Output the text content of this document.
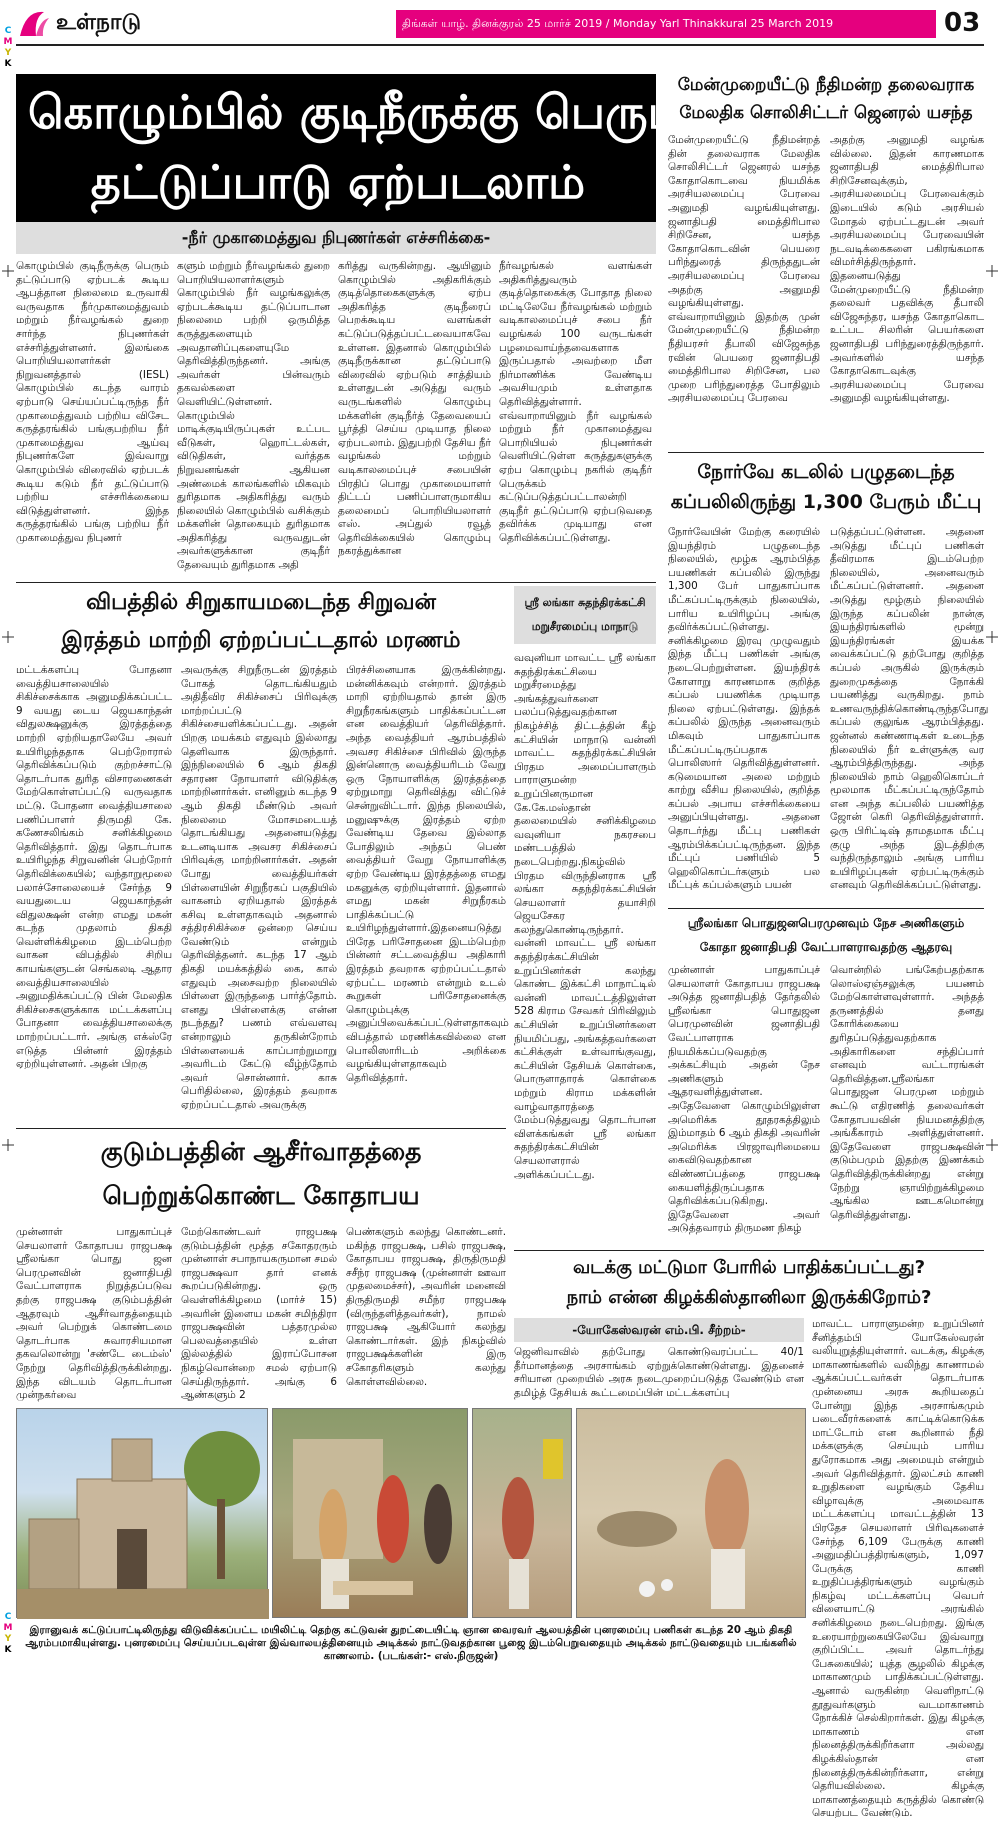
உள்நாடு	திங்கள் யாழ். தினக்குரல் 25 மார்ச் 2019 / Monday Yarl Thinakkural 25 March 2019	03
C
M
Y
K
C
M
Y
K
கொழும்பில் குடிநீருக்கு பெரும்
தட்டுப்பாடு ஏற்படலாம்
-நீர் முகாமைத்துவ நிபுணர்கள் எச்சரிக்கை-
கொழும்பில் குடிநீருக்கு பெரும் தட்டுப்பாடு ஏற்படக் கூடிய ஆபத்தான நிலைமை உருவாகி வருவதாக நீர்முகாமைத்துவம் மற்றும் நீர்வழங்கல் துறை சார்ந்த நிபுணர்கள் எச்சரித்துள்ளனர். இலங்கை பொறியியலாளர்கள் நிறுவனத்தால் (IESL) கொழும்பில் கடந்த வாரம் ஏற்பாடு செய்யப்பட்டிருந்த நீர் முகாமைத்துவம் பற்றிய விசேட கருத்தரங்கில் பங்குபற்றிய நீர் முகாமைத்துவ ஆய்வு நிபுணர்களே இவ்வாறு கொழும்பில் விரைவில் ஏற்படக் கூடிய கடும் நீர் தட்டுப்பாடு பற்றிய எச்சரிக்கையை விடுத்துள்ளனர். இந்த கருத்தரங்கில் பங்கு பற்றிய நீர் முகாமைத்துவ நிபுணர்
களும் மற்றும் நீர்வழங்கல் துறை பொறியியலாளர்களும் கொழும்பில் நீர் வழங்கலுக்கு ஏற்படக்கூடிய தட்டுப்பாடான நிலைமை பற்றி ஒருமித்த கருத்துகளையும் அவதானிப்புகளையுமே தெரிவித்திருந்தனர். அங்கு அவர்கள் பின்வரும் தகவல்களை வெளியிட்டுள்ளனர். கொழும்பில் மாடிக்குடியிருப்புகள் உட்பட வீடுகள், ஹொட்டல்கள், விடுதிகள், வர்த்தக நிறுவனங்கள் ஆகியன அண்மைக் காலங்களில் மிகவும் துரிதமாக அதிகரித்து வரும் நிலையில் கொழும்பில் வசிக்கும் மக்களின் தொகையும் துரிதமாக அதிகரித்து வருவதுடன் அவர்களுக்கான குடிநீர் தேவையும் துரிதமாக அதி
கரித்து வருகின்றது. ஆயினும் கொழும்பில் அதிகரிக்கும் குடித்தொகைகளுக்கு ஏற்ப அதிகரித்த குடிநீரைப் பெறக்கூடிய வளங்கள் கட்டுப்படுத்தப்பட்டவையாகவே உள்ளன. இதனால் கொழும்பில் குடிநீருக்கான தட்டுப்பாடு விரைவில் ஏற்படும் சாத்தியம் உள்ளதுடன் அடுத்து வரும் வருடங்களில் கொழும்பு மக்களின் குடிநீர்த் தேவையைப் பூர்த்தி செய்ய முடியாத நிலை ஏற்படலாம். இதுபற்றி தேசிய நீர் வழங்கல் மற்றும் வடிகாலமைப்புச் சபையின் பிரதிப் பொது முகாமையாளர் திட்டப் பணிப்பாளருமாகிய தலைமைப் பொறியியலாளர் எஸ். அப்துல் ரவூத் தெரிவிக்கையில் கொழும்பு நகரத்துக்கான
நீர்வழங்கல் வளங்கள் அதிகரித்துவரும் குடித்தொகைக்கு போதாத நிலை மட்டிலேயே நீர்வழங்கல் மற்றும் வடிகாலமைப்புச் சபை நீர் வழங்கல் 100 வருடங்கள் பழமைவாய்ந்தவைகளாக இருப்பதால் அவற்றை மீள நிர்மாணிக்க வேண்டிய அவசியமும் உள்ளதாக தெரிவித்துள்ளார். எவ்வாறாயினும் நீர் வழங்கல் மற்றும் நீர் முகாமைத்துவ பொறியியல் நிபுணர்கள் வெளியிட்டுள்ள கருத்துகளுக்கு ஏற்ப கொழும்பு நகரில் குடிநீர் பெருக்கம் கட்டுப்படுத்தப்பட்டாலன்றி குடிநீர் தட்டுப்பாடு ஏற்படுவதை தவிர்க்க முடியாது என தெரிவிக்கப்பட்டுள்ளது.
மேன்முறையீட்டு நீதிமன்ற தலைவராக
மேலதிக சொலிசிட்டர் ஜெனரல் யசந்த
மேன்முறையீட்டு நீதிமன்றத் தின் தலைவராக மேலதிக சொலிசிட்டர் ஜெனரல் யசந்த கோதாகொடவை நியமிக்க அரசியலமைப்பு பேரவை அனுமதி வழங்கியுள்ளது. ஜனாதிபதி மைத்திரிபால சிறிசேன, யசந்த கோதாகொடவின் பெயரை பரிந்துரைத் திருந்ததுடன் அரசியலமைப்பு பேரவை அதற்கு அனுமதி வழங்கியுள்ளது. எவ்வாறாயினும் இதற்கு முன் மேன்முறையீட்டு நீதிமன்ற நீதியரசர் தீபாலி விஜேசுந்த ரவின் பெயரை ஜனாதிபதி மைத்திரிபால சிறிசேன, பல முறை பரிந்துரைத்த போதிலும் அரசியலமைப்பு பேரவை
அதற்கு அனுமதி வழங்க வில்லை. இதன் காரணமாக ஜனாதிபதி மைத்திரிபால சிறிசேனவுக்கும், அரசியலமைப்பு பேரவைக்கும் இடையில் கடும் அரசியல் மோதல் ஏற்பட்டதுடன் அவர் அரசியலமைப்பு பேரவையின் நடவடிக்கைகளை பகிரங்கமாக விமர்சித்திருந்தார். இதனையடுத்து மேன்முறையீட்டு நீதிமன்ற தலைவர் பதவிக்கு தீபாலி விஜேசுந்தர, யசந்த கோதாகொட உட்பட சிலரின் பெயர்களை ஜனாதிபதி பரிந்துரைத்திருந்தார். அவர்களில் யசந்த கோதாகொடவுக்கு அரசியலமைப்பு பேரவை அனுமதி வழங்கியுள்ளது.
நோர்வே கடலில் பழுதடைந்த
கப்பலிலிருந்து 1,300 பேரும் மீட்பு
நோர்வேயின் மேற்கு கரையில் இயந்திரம் பழுதடைந்த நிலையில், மூழ்க ஆரம்பித்த பயணிகள் கப்பலில் இருந்து 1,300 பேர் பாதுகாப்பாக மீட்கப்பட்டிருக்கும் நிலையில், பாரிய உயிரிழப்பு அங்கு தவிர்க்கப்பட்டுள்ளது. சனிக்கிழமை இரவு முழுவதும் இந்த மீட்பு பணிகள் அங்கு நடைபெற்றுள்ளன. இயந்திரக் கோளாறு காரணமாக குறித்த கப்பல் பயணிக்க முடியாத நிலை ஏற்பட்டுள்ளது. இந்தக் கப்பலில் இருந்த அனைவரும் மிகவும் பாதுகாப்பாக மீட்கப்பட்டிருப்பதாக பொலிஸார் தெரிவித்துள்ளனர். கடுமையான அலை மற்றும் காற்று வீசிய நிலையில், குறித்த கப்பல் அபாய எச்சரிக்கையை அனுப்பியுள்ளது. அதனை தொடர்ந்து மீட்பு பணிகள் ஆரம்பிக்கப்பட்டிருந்தன. இந்த மீட்புப் பணியில் 5 ஹெலிகொப்டர்களும் பல மீட்புக் கப்பல்களும் பயன்
படுத்தப்பட்டுள்ளன. அதனை அடுத்து மீட்புப் பணிகள் தீவிரமாக இடம்பெற்ற நிலையில், அனைவரும் மீட்கப்பட்டுள்ளனர். அதனை அடுத்து மூழ்கும் நிலையில் இருந்த கப்பலின் நான்கு இயந்திரங்களில் மூன்று இயந்திரங்கள் இயக்க வைக்கப்பட்டு தற்போது குறித்த கப்பல் அருகில் இருக்கும் துறைமுகத்தை நோக்கி பயணித்து வருகிறது. நாம் உணவருந்திக்கொண்டிருந்தபோது கப்பல் குலுங்க ஆரம்பித்தது. ஜன்னல் கண்ணாடிகள் உடைந்த நிலையில் நீர் உள்ளுக்கு வர ஆரம்பித்திருந்தது. அந்த நிலையில் நாம் ஹெலிகொப்டர் மூலமாக மீட்கப்பட்டிருந்தோம் என அந்த கப்பலில் பயணித்த ஜோன் கெரி தெரிவித்துள்ளார். ஒரு பிரிட்டிஷ் தாமதமாக மீட்பு குழு அந்த இடத்திற்கு வந்திருந்தாலும் அங்கு பாரிய உயிரிழப்புகள் ஏற்பட்டிருக்கும் எனவும் தெரிவிக்கப்பட்டுள்ளது.
விபத்தில் சிறுகாயமடைந்த சிறுவன்
இரத்தம் மாற்றி ஏற்றப்பட்டதால் மரணம்
மட்டக்களப்பு போதனா வைத்தியசாலையில் சிகிச்சைக்காக அனுமதிக்கப்பட்ட 9 வயது டைய ஜெயகாந்தன் விதுலக்ஷனுக்கு இரத்தத்தை மாற்றி ஏற்றியதாலேயே அவர் உயிரிழந்ததாக பெற்றோரால் தெரிவிக்கப்படும் குற்றச்சாட்டு தொடர்பாக துரித விசாரணைகள் மேற்கொள்ளப்பட்டு வருவதாக மட்டு. போதனா வைத்தியசாலை பணிப்பாளர் திருமதி கே. கணேசலிங்கம் சனிக்கிழமை தெரிவித்தார். இது தொடர்பாக உயிரிழந்த சிறுவனின் பெற்றோர் தெரிவிக்கையில்; வந்தாறுமூலை பலாச்சோலையைச் சேர்ந்த 9 வயதுடைய ஜெயகாந்தன் விதுலக்ஷன் என்ற எமது மகன் கடந்த முதலாம் திகதி வெள்ளிக்கிழமை இடம்பெற்ற வாகன விபத்தில் சிறிய காயங்களுடன் செங்கலடி ஆதார வைத்தியசாலையில் அனுமதிக்கப்பட்டு பின் மேலதிக சிகிச்சைகளுக்காக மட்டக்களப்பு போதனா வைத்தியசாலைக்கு மாற்றப்பட்டார். அங்கு எக்ஸ்ரே எடுத்த பின்னர் இரத்தம் ஏற்றியுள்ளனர். அதன் பிறகு
அவருக்கு சிறுநீருடன் இரத்தம் போகத் தொடங்கியதும் அதிதீவிர சிகிச்சைப் பிரிவுக்கு மாற்றப்பட்டு சிகிச்சையளிக்கப்பட்டது. அதன் பிறகு மயக்கம் எதுவும் இல்லாது தெளிவாக இருந்தார். இந்நிலையில் 6 ஆம் திகதி சதாரண நோயாளர் விடுதிக்கு மாற்றினார்கள். எனினும் கடந்த 9 ஆம் திகதி மீண்டும் அவர் நிலைமை மோசமடையத் தொடங்கியது அதனையடுத்து உடனடியாக அவசர சிகிச்சைப் பிரிவுக்கு மாற்றினார்கள். அதன் போது வைத்தியர்கள் பிள்ளையின் சிறுநீரகப் பகுதியில் வாகனம் ஏறியதால் இரத்தக் கசிவு உள்ளதாகவும் அதனால் சத்திரசிகிச்சை ஒன்றை செய்ய வேண்டும் என்றும் தெரிவித்தனர். கடந்த 17 ஆம் திகதி மயக்கத்தில் கை, கால் எதுவும் அசைவற்ற நிலையில் பிள்ளை இருந்ததை பார்த்தோம். எனது பிள்ளைக்கு என்ன நடந்தது? பணம் எவ்வளவு என்றாலும் தருகின்றோம் பிள்ளையைக் காப்பாற்றுமாறு அவரிடம் கேட்டு வீழ்ந்தோம் அவர் சொன்னார். காசு பெரிதில்லை, இரத்தம் தவறாக ஏற்றப்பட்டதால் அவருக்கு
பிரச்சினையாக இருக்கின்றது. மன்னிக்கவும் என்றார். இரத்தம் மாறி ஏற்றியதால் தான் இரு சிறுநீரகங்களும் பாதிக்கப்பட்டன என வைத்தியர் தெரிவித்தார். அந்த வைத்தியர் ஆரம்பத்தில் அவசர சிகிச்சை பிரிவில் இருந்த இன்னொரு வைத்தியரிடம் வேறு ஒரு நோயாளிக்கு இரத்தத்தை ஏற்றுமாறு தெரிவித்து விட்டுச் சென்றுவிட்டார். இந்த நிலையில், மனுஷுக்கு இரத்தம் ஏற்ற வேண்டிய தேவை இல்லாத போதிலும் அந்தப் பெண் வைத்தியர் வேறு நோயாளிக்கு ஏற்ற வேண்டிய இரத்தத்தை எமது மகனுக்கு ஏற்றியுள்ளார். இதனால் எமது மகன் சிறுநீரகம் பாதிக்கப்பட்டு உயிரிழந்துள்ளார்.இதனையடுத்து பிரேத பரிசோதனை இடம்பெற்ற பின்னர் சட்டவைத்திய அதிகாரி இரத்தம் தவறாக ஏற்றப்பட்டதால் ஏற்பட்ட மரணம் என்றும் உடல் கூறுகள் பரிசோதனைக்கு கொழும்புக்கு அனுப்பிவைக்கப்பட்டுள்ளதாகவும் விபத்தால் மரணிக்கவில்லை என பொலிஸாரிடம் அறிக்கை வழங்கியுள்ளதாகவும் தெரிவித்தார்.
ஸ்ரீ லங்கா சுதந்திரக்கட்சி
மறுசீரமைப்பு மாநாடு
வவுனியா மாவட்ட ஸ்ரீ லங்கா சுதந்திரக்கட்சியை மறுசீரமைத்து அங்கத்துவர்களை பலப்படுத்துவதற்கான நிகழ்ச்சித் திட்டத்தின் கீழ் கட்சியின் மாநாடு வன்னி மாவட்ட சுதந்திரக்கட்சியின் பிரதம அமைப்பாளரும் பாராளுமன்ற உறுப்பினருமான கே.கே.மஸ்தான் தலைமையில் சனிக்கிழமை வவுனியா நகரசபை மண்டபத்தில் நடைபெற்றது.நிகழ்வில் பிரதம விருந்தினராக ஸ்ரீ லங்கா சுதந்திரக்கட்சியின் செயலாளர் தயாசிறி ஜெயசேகர கலந்துகொண்டிருந்தார். வன்னி மாவட்ட ஸ்ரீ லங்கா சுதந்திரக்கட்சியின் உறுப்பினர்கள் கலந்து கொண்ட இக்கட்சி மாநாட்டில் வன்னி மாவட்டத்திலுள்ள 528 கிராம சேவகர் பிரிவிலும் கட்சியின் உறுப்பினர்களை நியமிப்பது, அங்கத்தவர்களை கட்சிக்குள் உள்வாங்குவது, கட்சியின் தேசியக் கொள்கை, பொருளாதாரக் கொள்கை மற்றும் கிராம மக்களின் வாழ்வாதாரத்தை மேம்படுத்துவது தொடர்பான விளக்கங்கள் ஸ்ரீ லங்கா சுதந்திரக்கட்சியின் செயலாளரால் அளிக்கப்பட்டது.
ஸ்ரீலங்கா பொதுஜனபெரமுனவும் நேச அணிகளும்
கோதா ஜனாதிபதி வேட்பாளராவதற்கு ஆதரவு
முன்னாள் பாதுகாப்புச் செயலாளர் கோதாபய ராஜபக்ஷ அடுத்த ஜனாதிபதித் தேர்தலில் ஸ்ரீலங்கா பொதுஜன பெரமுனவின் ஜனாதிபதி வேட்பாளராக நியமிக்கப்படுவதற்கு அக்கட்சியும் அதன் நேச அணிகளும் ஆதரவளித்துள்ளன. அதேவேளை கொழும்பிலுள்ள அமெரிக்க தூதரகத்திலும் இம்மாதம் 6 ஆம் திகதி அவரின் அமெரிக்க பிரஜாவுரிமையை கைவிடுவதற்கான விண்ணப்பத்தை ராஜபக்ஷ கையளித்திருப்பதாக தெரிவிக்கப்படுகிறது. இதேவேளை அவர் அடுத்தவாரம் திருமண நிகழ்
வொன்றில் பங்கேற்பதற்காக லொஸ்ஏஞ்சலுக்கு பயணம் மேற்கொள்ளவுள்ளார். அந்தத் தருணத்தில் தனது கோரிக்கையை துரிதப்படுத்துவதற்காக அதிகாரிகளை சந்திப்பார் எனவும் வட்டாரங்கள் தெரிவித்தன.ஸ்ரீலங்கா பொதுஜன பெரமுன மற்றும் கூட்டு எதிரணித் தலைவர்கள் கோதாபயவின் நியமனத்திற்கு அங்கீகாரம் அளித்துள்ளனர். இதேவேளை ராஜபக்ஷவின் குடும்பமும் இதற்கு இணக்கம் தெரிவித்திருக்கின்றது என்று நேற்று ஞாயிற்றுக்கிழமை ஆங்கில ஊடகமொன்று தெரிவித்துள்ளது.
குடும்பத்தின் ஆசீர்வாதத்தை
பெற்றுக்கொண்ட கோதாபய
முன்னாள் பாதுகாப்புச் செயலாளர் கோதாபய ராஜபக்ஷ ஸ்ரீலங்கா பொது ஜன பெரமுனவின் ஜனாதிபதி வேட்பாளராக நிறுத்தப்படுவ தற்கு ராஜபக்ஷ குடும்பத்தின் ஆதரவும் ஆசீர்வாதத்தையும் அவர் பெற்றுக் கொண்டமை தொடர்பாக சுவாரசியமான தகவலொன்று 'சண்டே டைம்ஸ்' நேற்று தெரிவித்திருக்கின்றது. இந்த விடயம் தொடர்பான முன்நகர்வை
மேற்கொண்டவர் ராஜபக்ஷ குடும்பத்தின் மூத்த சகோதரரும் முன்னாள் சபாநாயகருமான சமல் ராஜபக்ஷவா தார் எனக் கூறப்படுகின்றது. ஒரு வெள்ளிக்கிழமை (மார்ச் 15) அவரின் இளைய மகன் சமிந்திரா ராஜபக்ஷவின் பத்தரமுல்ல பெலவத்தையில் உள்ள இல்லத்தில் இராப்போசன நிகழ்வொன்றை சமல் ஏற்பாடு செய்திருந்தார். அங்கு 6 ஆண்களும் 2
பெண்களும் கலந்து கொண்டனர். மகிந்த ராஜபக்ஷ, பசில் ராஜபக்ஷ, கோதாபய ராஜபக்ஷ, திருதிருமதி சசீந்ர ராஜபக்ஷ (முன்னாள் ஊவா முதலமைச்சர்), அவரின் மனைவி திருதிருமதி சமீந்ர ராஜபக்ஷ (விருந்தளித்தவர்கள்), நாமல் ராஜபக்ஷ ஆகியோர் கலந்து கொண்டார்கள். இந் நிகழ்வில் ராஜபக்ஷக்களின் இரு சகோதரிகளும் கலந்து கொள்ளவில்லை.
வடக்கு மட்டுமா போரில் பாதிக்கப்பட்டது?
நாம் என்ன கிழக்கிஸ்தானிலா இருக்கிறோம்?
-யோகேஸ்வரன் எம்.பி. சீற்றம்-
ஜெனிவாவில் தற்போது கொண்டுவரப்பட்ட 40/1 தீர்மானத்தை அரசாங்கம் ஏற்றுக்கொண்டுள்ளது. இதனைச் சரியான முறையில் அரசு நடைமுறைப்படுத்த வேண்டும் என தமிழ்த் தேசியக் கூட்டமைப்பின் மட்டக்களப்பு
மாவட்ட பாராளுமன்ற உறுப்பினர் சீனித்தம்பி யோகேஸ்வரன் வலியுறுத்தியுள்ளார். வடக்கு, கிழக்கு மாகாணங்களில் வலிந்து காணாமல் ஆக்கப்பட்டவர்கள் தொடர்பாக முன்னைய அரசு கூறியதைப் போன்று இந்த அரசாங்கமும் படைவீரர்களைக் காட்டிக்கொடுக்க மாட்டோம் என கூறினால் நீதி மக்களுக்கு செய்யும் பாரிய துரோகமாக அது அமையும் என்றும் அவர் தெரிவித்தார். இலட்சம் காணி உறுதிகளை வழங்கும் தேசிய விழாவுக்கு அமைவாக மட்டக்களப்பு மாவட்டத்தின் 13 பிரதேச செயலாளர் பிரிவுகளைச் சேர்ந்த 6,109 பேருக்கு காணி அனுமதிப்பத்திரங்களும், 1,097 பேருக்கு காணி உறுதிப்பத்திரங்களும் வழங்கும் நிகழ்வு மட்டக்களப்பு வெபர் விளையாட்டு அரங்கில் சனிக்கிழமை நடைபெற்றது. இங்கு உரையாற்றுகையிலேயே இவ்வாறு குறிப்பிட்ட அவர் தொடர்ந்து பேசுகையில்; யுத்த சூழலில் கிழக்கு மாகாணமும் பாதிக்கப்பட்டுள்ளது. ஆனால் வருகின்ற வெளிநாட்டு தூதுவர்களும் வடமாகாணம் நோக்கிச் செல்கிறார்கள். இது கிழக்கு மாகாணம் என நினைத்திருக்கிறீர்களா அல்லது கிழக்கிஸ்தான் என நினைத்திருக்கின்றீர்களா, என்று தெரியவில்லை. கிழக்கு மாகாணத்தையும் கருத்தில் கொண்டு செயற்பட வேண்டும்.
இரானுவக் கட்டுப்பாட்டிலிருந்து விடுவிக்கப்பட்ட மயிலிட்டி தெற்கு கட்டுவன் துறட்டையிட்டி ஞான வைரவர் ஆலயத்தின் புனரமைப்பு பணிகள் கடந்த 20 ஆம் திகதி ஆரம்பமாகியுள்ளது. புனரமைப்பு செய்யப்படவுள்ள இவ்வாலயத்தினையும் அடிக்கல் நாட்டுவதற்கான பூஜை இடம்பெறுவதையும் அடிக்கல் நாட்டுவதையும் படங்களில் காணலாம். (படங்கள்:- எஸ்.நிருஜன்)
